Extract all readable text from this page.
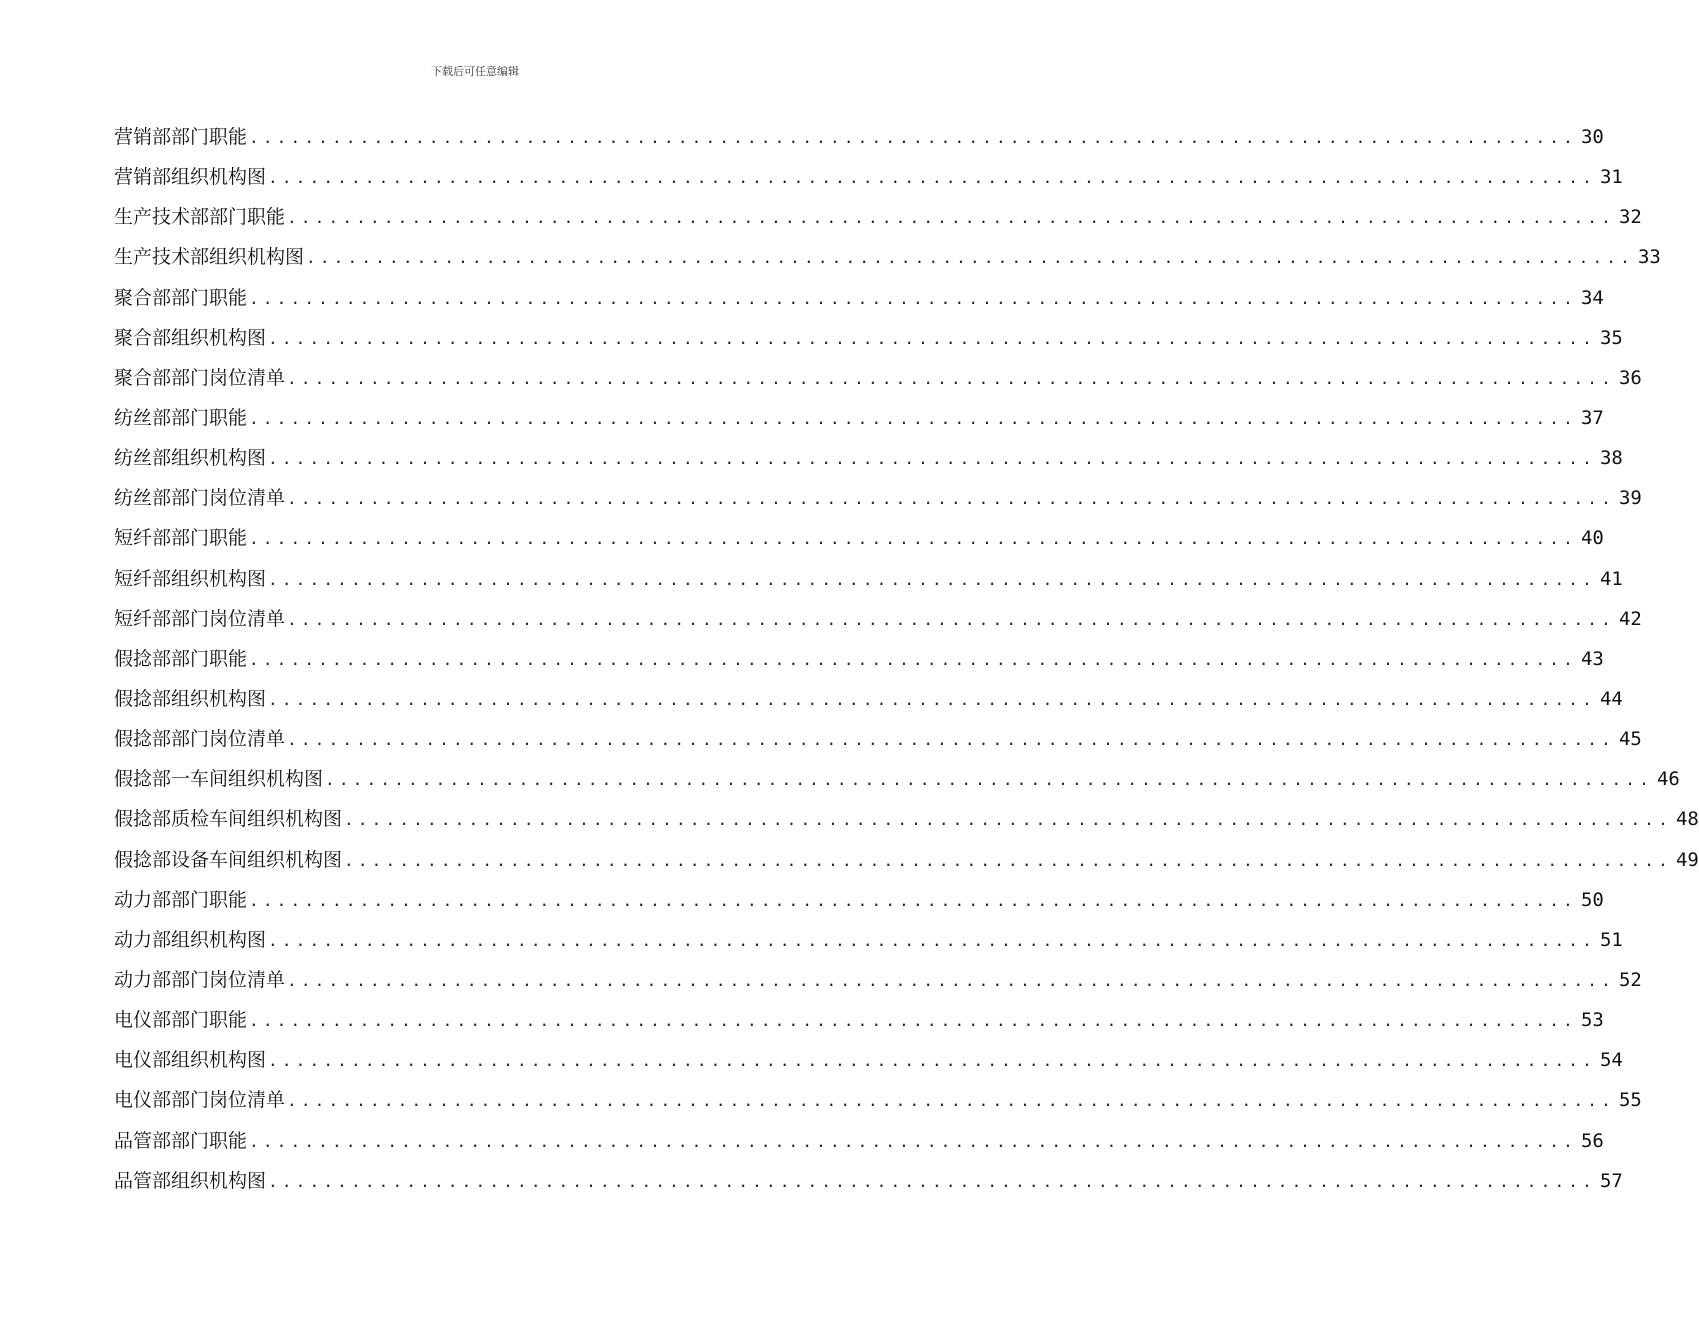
下载后可任意编辑
营销部部门职能 ................................................................................................ 30
营销部组织机构图 ................................................................................................ 31
生产技术部部门职能 ................................................................................................ 32
生产技术部组织机构图 ................................................................................................ 33
聚合部部门职能 ................................................................................................ 34
聚合部组织机构图 ................................................................................................ 35
聚合部部门岗位清单 ................................................................................................ 36
纺丝部部门职能 ................................................................................................ 37
纺丝部组织机构图 ................................................................................................ 38
纺丝部部门岗位清单 ................................................................................................ 39
短纤部部门职能 ................................................................................................ 40
短纤部组织机构图 ................................................................................................ 41
短纤部部门岗位清单 ................................................................................................ 42
假捻部部门职能 ................................................................................................ 43
假捻部组织机构图 ................................................................................................ 44
假捻部部门岗位清单 ................................................................................................ 45
假捻部一车间组织机构图 ................................................................................................ 46
假捻部质检车间组织机构图 ................................................................................................ 48
假捻部设备车间组织机构图 ................................................................................................ 49
动力部部门职能 ................................................................................................ 50
动力部组织机构图 ................................................................................................ 51
动力部部门岗位清单 ................................................................................................ 52
电仪部部门职能 ................................................................................................ 53
电仪部组织机构图 ................................................................................................ 54
电仪部部门岗位清单 ................................................................................................ 55
品管部部门职能 ................................................................................................ 56
品管部组织机构图 ................................................................................................ 57
